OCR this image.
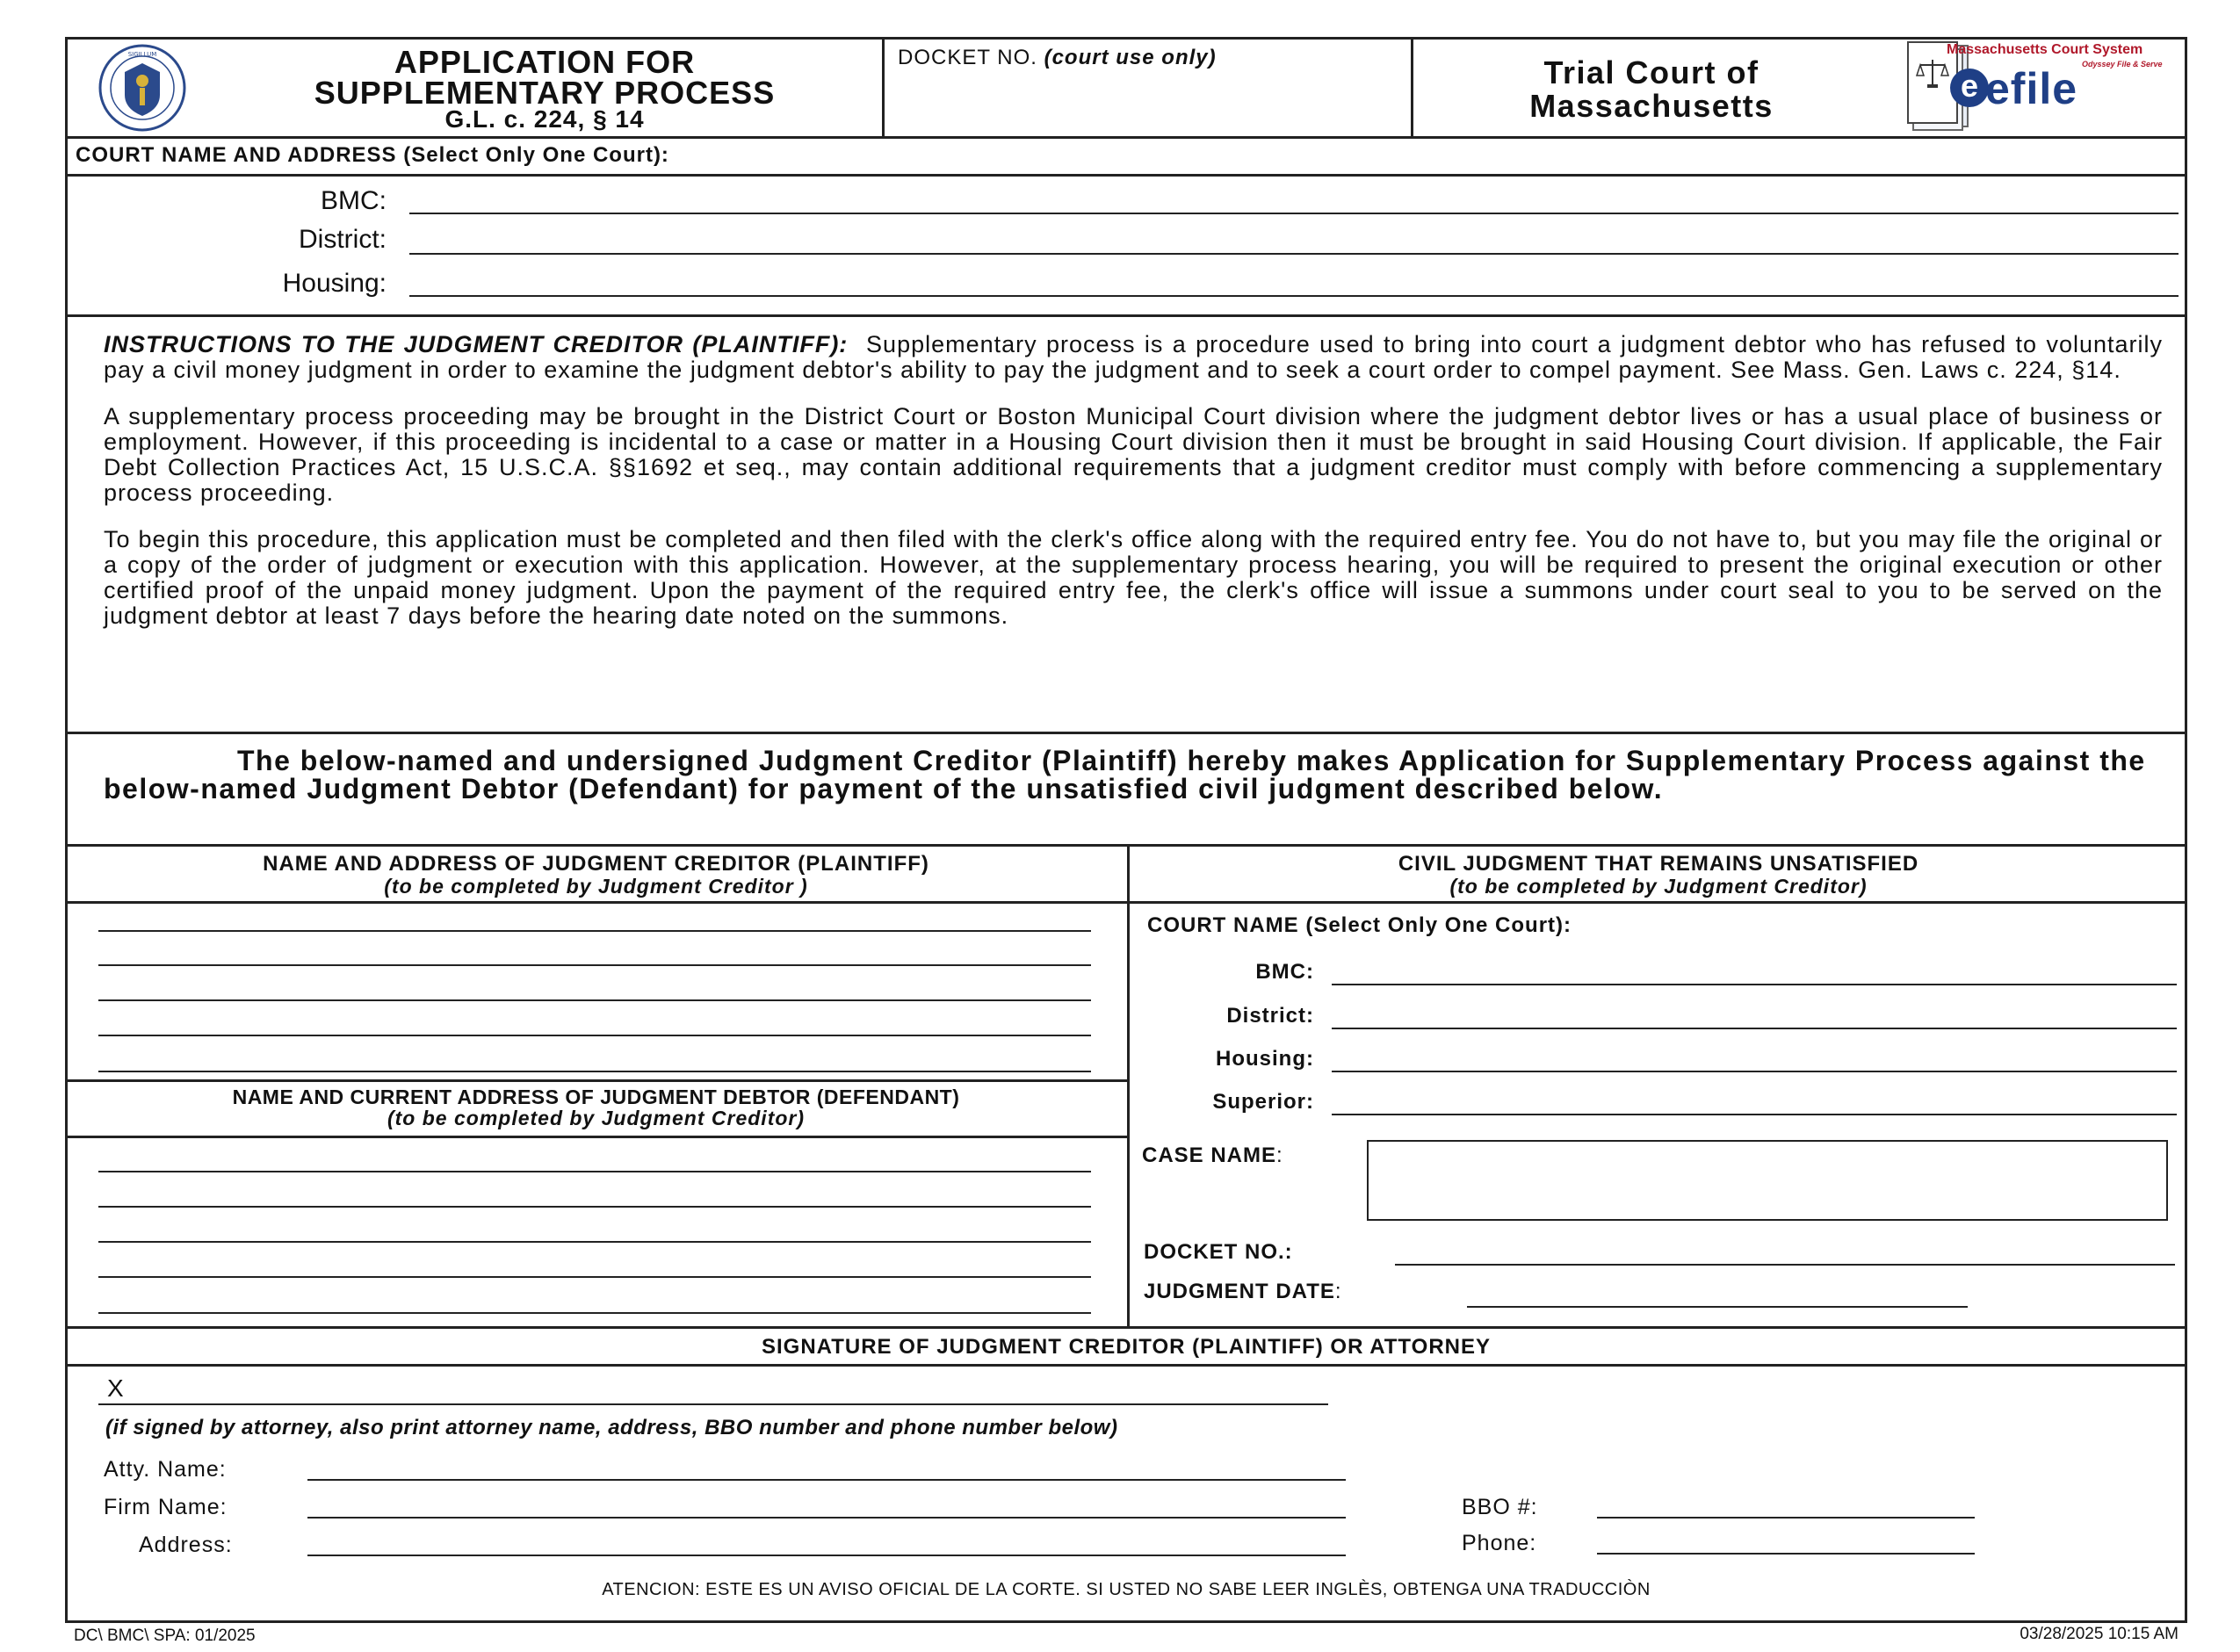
SIGILLUM	APPLICATION FOR
SUPPLEMENTARY PROCESS
G.L. c. 224, § 14
DOCKET NO. (court use only)	Trial Court of
Massachusetts
Massachusetts Court System
Odyssey File & Serve
e efile
COURT NAME AND ADDRESS (Select Only One Court):
BMC:
District:
Housing:

INSTRUCTIONS TO THE JUDGMENT CREDITOR (PLAINTIFF): Supplementary process is a procedure used to bring into court a judgment debtor who has refused to voluntarily pay a civil money judgment in order to examine the judgment debtor's ability to pay the judgment and to seek a court order to compel payment. See Mass. Gen. Laws c. 224, §14.

A supplementary process proceeding may be brought in the District Court or Boston Municipal Court division where the judgment debtor lives or has a usual place of business or employment. However, if this proceeding is incidental to a case or matter in a Housing Court division then it must be brought in said Housing Court division. If applicable, the Fair Debt Collection Practices Act, 15 U.S.C.A. §§1692 et seq., may contain additional requirements that a judgment creditor must comply with before commencing a supplementary process proceeding.

To begin this procedure, this application must be completed and then filed with the clerk's office along with the required entry fee. You do not have to, but you may file the original or a copy of the order of judgment or execution with this application. However, at the supplementary process hearing, you will be required to present the original execution or other certified proof of the unpaid money judgment. Upon the payment of the required entry fee, the clerk's office will issue a summons under court seal to you to be served on the judgment debtor at least 7 days before the hearing date noted on the summons.

The below-named and undersigned Judgment Creditor (Plaintiff) hereby makes Application for Supplementary Process against the below-named Judgment Debtor (Defendant) for payment of the unsatisfied civil judgment described below.
NAME AND ADDRESS OF JUDGMENT CREDITOR (PLAINTIFF)
(to be completed by Judgment Creditor )
NAME AND CURRENT ADDRESS OF JUDGMENT DEBTOR (DEFENDANT)
(to be completed by Judgment Creditor)
CIVIL JUDGMENT THAT REMAINS UNSATISFIED
(to be completed by Judgment Creditor)
COURT NAME (Select Only One Court):
BMC:
District:
Housing:
Superior:
CASE NAME:
DOCKET NO.:
JUDGMENT DATE:
SIGNATURE OF JUDGMENT CREDITOR (PLAINTIFF) OR ATTORNEY
X
(if signed by attorney, also print attorney name, address, BBO number and phone number below)
Atty. Name:
Firm Name:
Address:
BBO #:
Phone:
ATENCION: ESTE ES UN AVISO OFICIAL DE LA CORTE. SI USTED NO SABE LEER INGLÈS, OBTENGA UNA TRADUCCIÒN
DC\ BMC\ SPA: 01/2025	03/28/2025 10:15 AM
